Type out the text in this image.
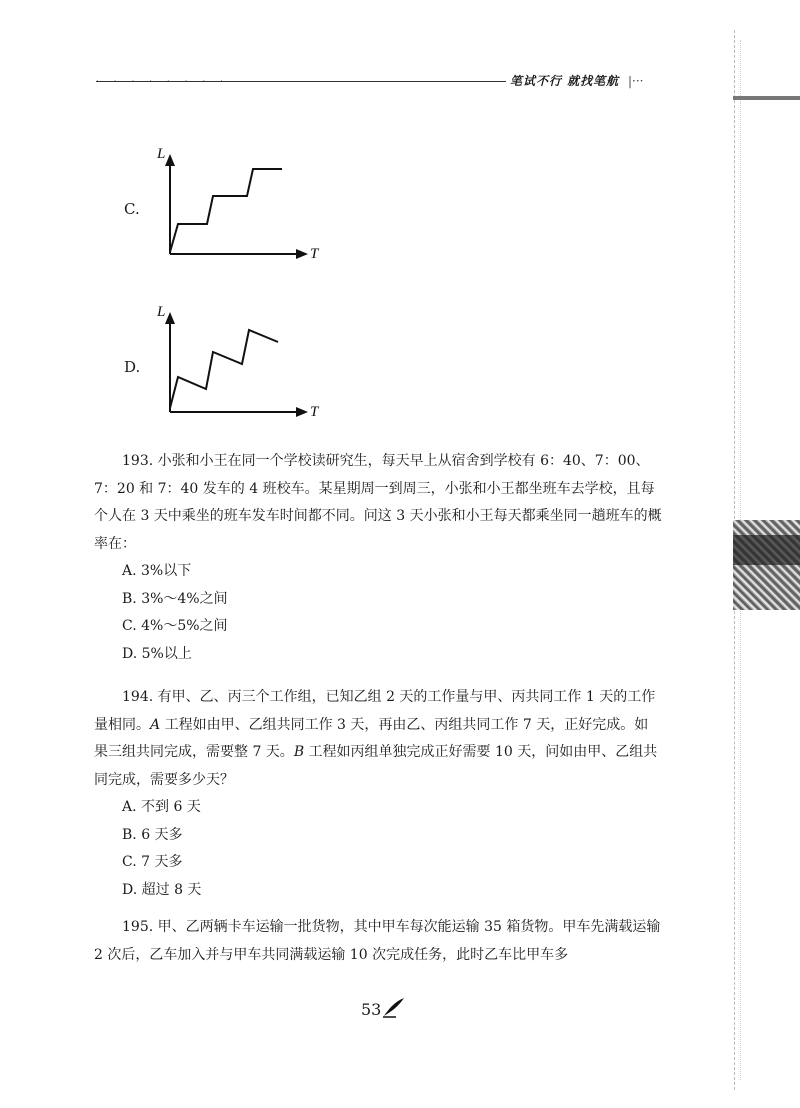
· · · · · · · ·	笔试不行 就找笔航 |···
C.
L
T
D.
L
T

193. 小张和小王在同一个学校读研究生，每天早上从宿舍到学校有 6：40、7：00、7：20 和 7：40 发车的 4 班校车。某星期周一到周三，小张和小王都坐班车去学校，且每个人在 3 天中乘坐的班车发车时间都不同。问这 3 天小张和小王每天都乘坐同一趟班车的概率在：

A. 3%以下

B. 3%～4%之间

C. 4%～5%之间

D. 5%以上

194. 有甲、乙、丙三个工作组，已知乙组 2 天的工作量与甲、丙共同工作 1 天的工作量相同。A 工程如由甲、乙组共同工作 3 天，再由乙、丙组共同工作 7 天，正好完成。如果三组共同完成，需要整 7 天。B 工程如丙组单独完成正好需要 10 天，问如由甲、乙组共同完成，需要多少天？

A. 不到 6 天

B. 6 天多

C. 7 天多

D. 超过 8 天

195. 甲、乙两辆卡车运输一批货物，其中甲车每次能运输 35 箱货物。甲车先满载运输 2 次后，乙车加入并与甲车共同满载运输 10 次完成任务，此时乙车比甲车多

53
